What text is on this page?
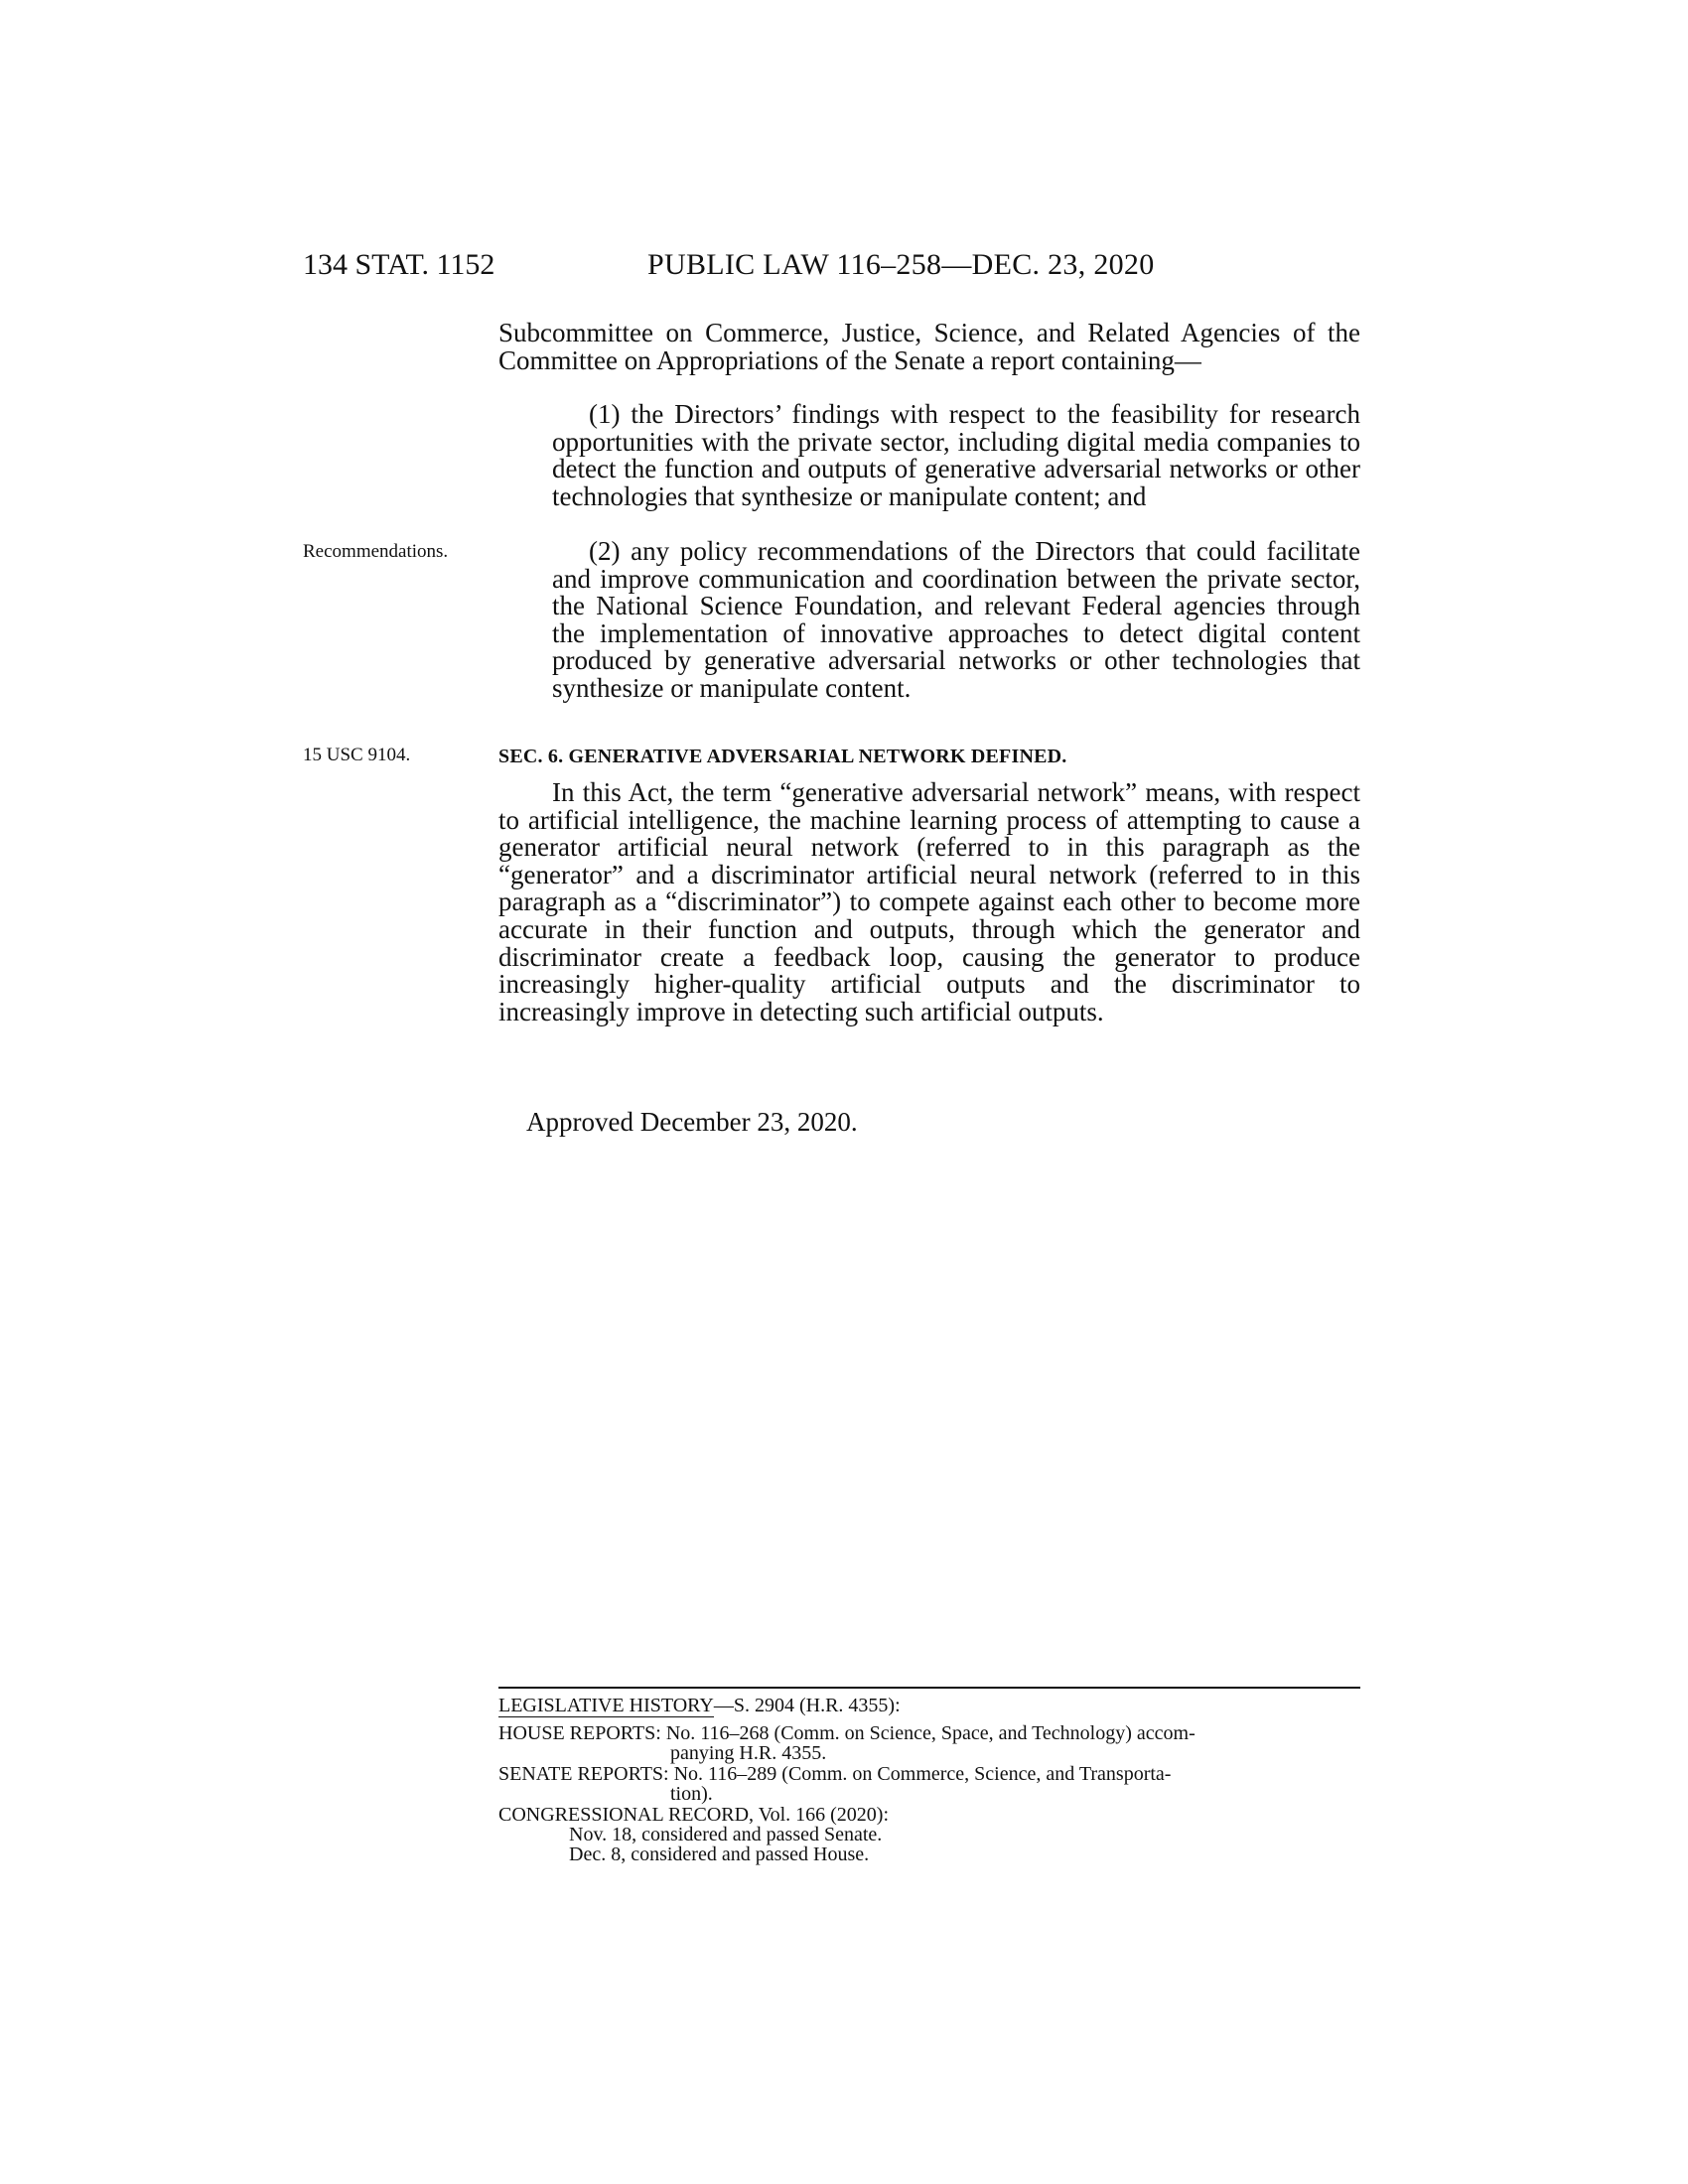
134 STAT. 1152	PUBLIC LAW 116–258—DEC. 23, 2020
Subcommittee on Commerce, Justice, Science, and Related Agencies of the Committee on Appropriations of the Senate a report containing—
(1) the Directors’ findings with respect to the feasibility for research opportunities with the private sector, including digital media companies to detect the function and outputs of generative adversarial networks or other technologies that synthesize or manipulate content; and
Recommendations.	(2) any policy recommendations of the Directors that could facilitate and improve communication and coordination between the private sector, the National Science Foundation, and relevant Federal agencies through the implementation of innovative approaches to detect digital content produced by generative adversarial networks or other technologies that synthesize or manipulate content.
15 USC 9104.	SEC. 6. GENERATIVE ADVERSARIAL NETWORK DEFINED.
In this Act, the term “generative adversarial network” means, with respect to artificial intelligence, the machine learning process of attempting to cause a generator artificial neural network (referred to in this paragraph as the “generator” and a discriminator artificial neural network (referred to in this paragraph as a “discriminator”) to compete against each other to become more accurate in their function and outputs, through which the generator and discriminator create a feedback loop, causing the generator to produce increasingly higher-quality artificial outputs and the discriminator to increasingly improve in detecting such artificial outputs.
Approved December 23, 2020.
LEGISLATIVE HISTORY—S. 2904 (H.R. 4355):
HOUSE REPORTS: No. 116–268 (Comm. on Science, Space, and Technology) accom-
panying H.R. 4355.
SENATE REPORTS: No. 116–289 (Comm. on Commerce, Science, and Transporta-
tion).
CONGRESSIONAL RECORD, Vol. 166 (2020):
Nov. 18, considered and passed Senate.
Dec. 8, considered and passed House.
